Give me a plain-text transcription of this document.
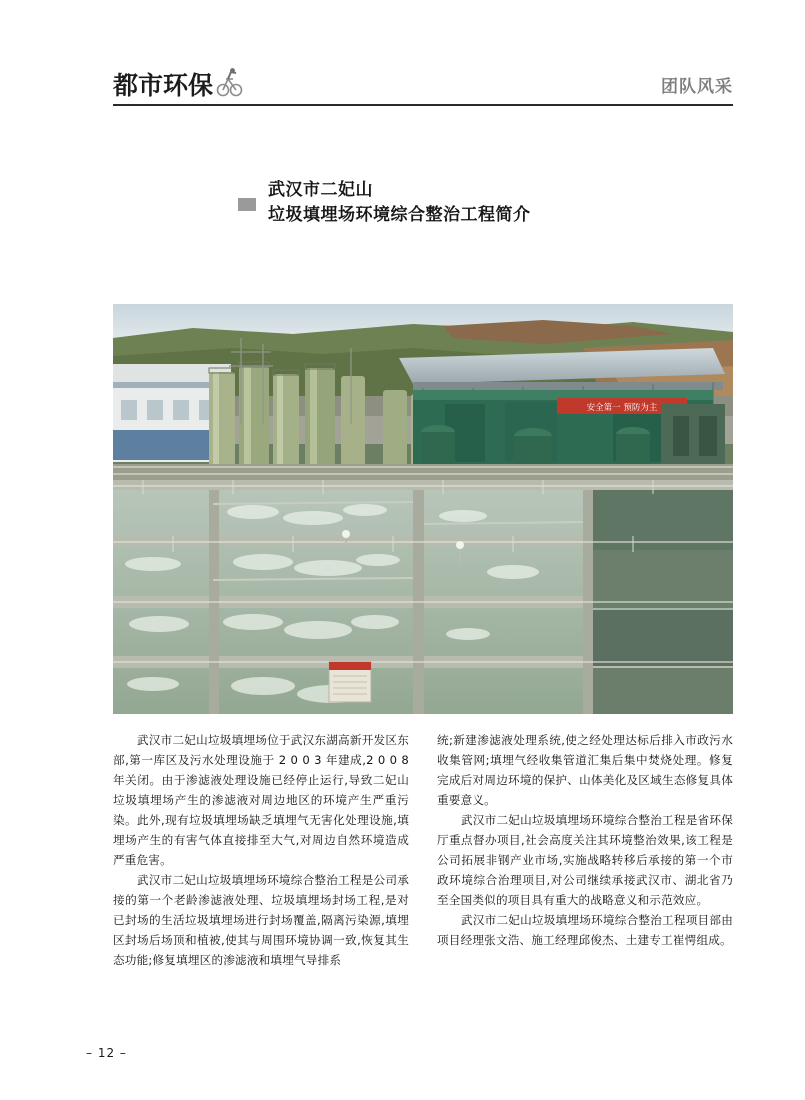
都市环保	团队风采
武汉市二妃山
垃圾填埋场环境综合整治工程简介
安全第一 预防为主

武汉市二妃山垃圾填埋场位于武汉东湖高新开发区东部,第一库区及污水处理设施于 2 0 0 3 年建成,2 0 0 8 年关闭。由于渗滤液处理设施已经停止运行,导致二妃山垃圾填埋场产生的渗滤液对周边地区的环境产生严重污染。此外,现有垃圾填埋场缺乏填埋气无害化处理设施,填埋场产生的有害气体直接排至大气,对周边自然环境造成严重危害。

武汉市二妃山垃圾填埋场环境综合整治工程是公司承接的第一个老龄渗滤液处理、垃圾填埋场封场工程,是对已封场的生活垃圾填埋场进行封场覆盖,隔离污染源,填埋区封场后场顶和植被,使其与周围环境协调一致,恢复其生态功能;修复填埋区的渗滤液和填埋气导排系

统;新建渗滤液处理系统,使之经处理达标后排入市政污水收集管网;填埋气经收集管道汇集后集中焚烧处理。修复完成后对周边环境的保护、山体美化及区域生态修复具体重要意义。

武汉市二妃山垃圾填埋场环境综合整治工程是省环保厅重点督办项目,社会高度关注其环境整治效果,该工程是公司拓展非钢产业市场,实施战略转移后承接的第一个市政环境综合治理项目,对公司继续承接武汉市、湖北省乃至全国类似的项目具有重大的战略意义和示范效应。

武汉市二妃山垃圾填埋场环境综合整治工程项目部由项目经理张文浩、施工经理邱俊杰、土建专工崔愕组成。

– 12 –
